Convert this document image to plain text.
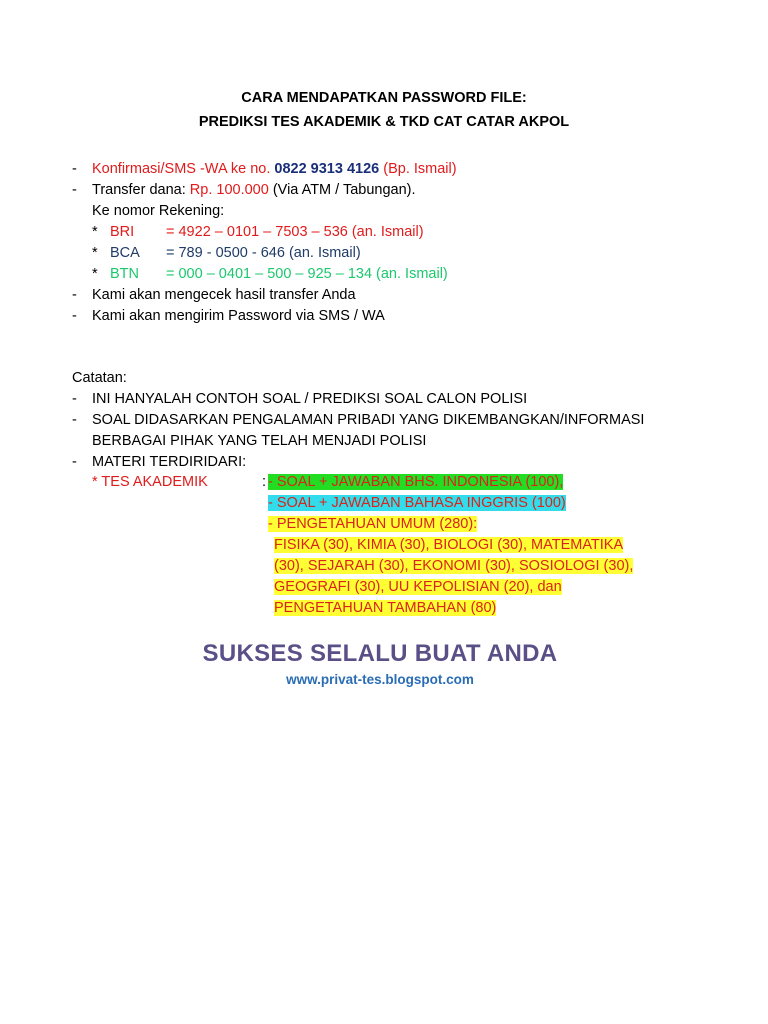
CARA MENDAPATKAN PASSWORD FILE:
PREDIKSI TES AKADEMIK & TKD CAT CATAR AKPOL
- Konfirmasi/SMS -WA ke no. 0822 9313 4126 (Bp. Ismail)
- Transfer dana: Rp. 100.000 (Via ATM / Tabungan).
Ke nomor Rekening:
* BRI = 4922 – 0101 – 7503 – 536 (an. Ismail)
* BCA = 789 - 0500 - 646 (an. Ismail)
* BTN = 000 – 0401 – 500 – 925 – 134 (an. Ismail)
- Kami akan mengecek hasil transfer Anda
- Kami akan mengirim Password via SMS / WA
Catatan:
- INI HANYALAH CONTOH SOAL / PREDIKSI SOAL CALON POLISI
- SOAL DIDASARKAN PENGALAMAN PRIBADI YANG DIKEMBANGKAN/INFORMASI
BERBAGAI PIHAK YANG TELAH MENJADI POLISI
- MATERI TERDIRIDARI:
* TES AKADEMIK	: - SOAL + JAWABAN BHS. INDONESIA (100),
- SOAL + JAWABAN BAHASA INGGRIS (100)
- PENGETAHUAN UMUM (280):
FISIKA (30), KIMIA (30), BIOLOGI (30), MATEMATIKA
(30), SEJARAH (30), EKONOMI (30), SOSIOLOGI (30),
GEOGRAFI (30), UU KEPOLISIAN (20), dan
PENGETAHUAN TAMBAHAN (80)
SUKSES SELALU BUAT ANDA
www.privat-tes.blogspot.com
